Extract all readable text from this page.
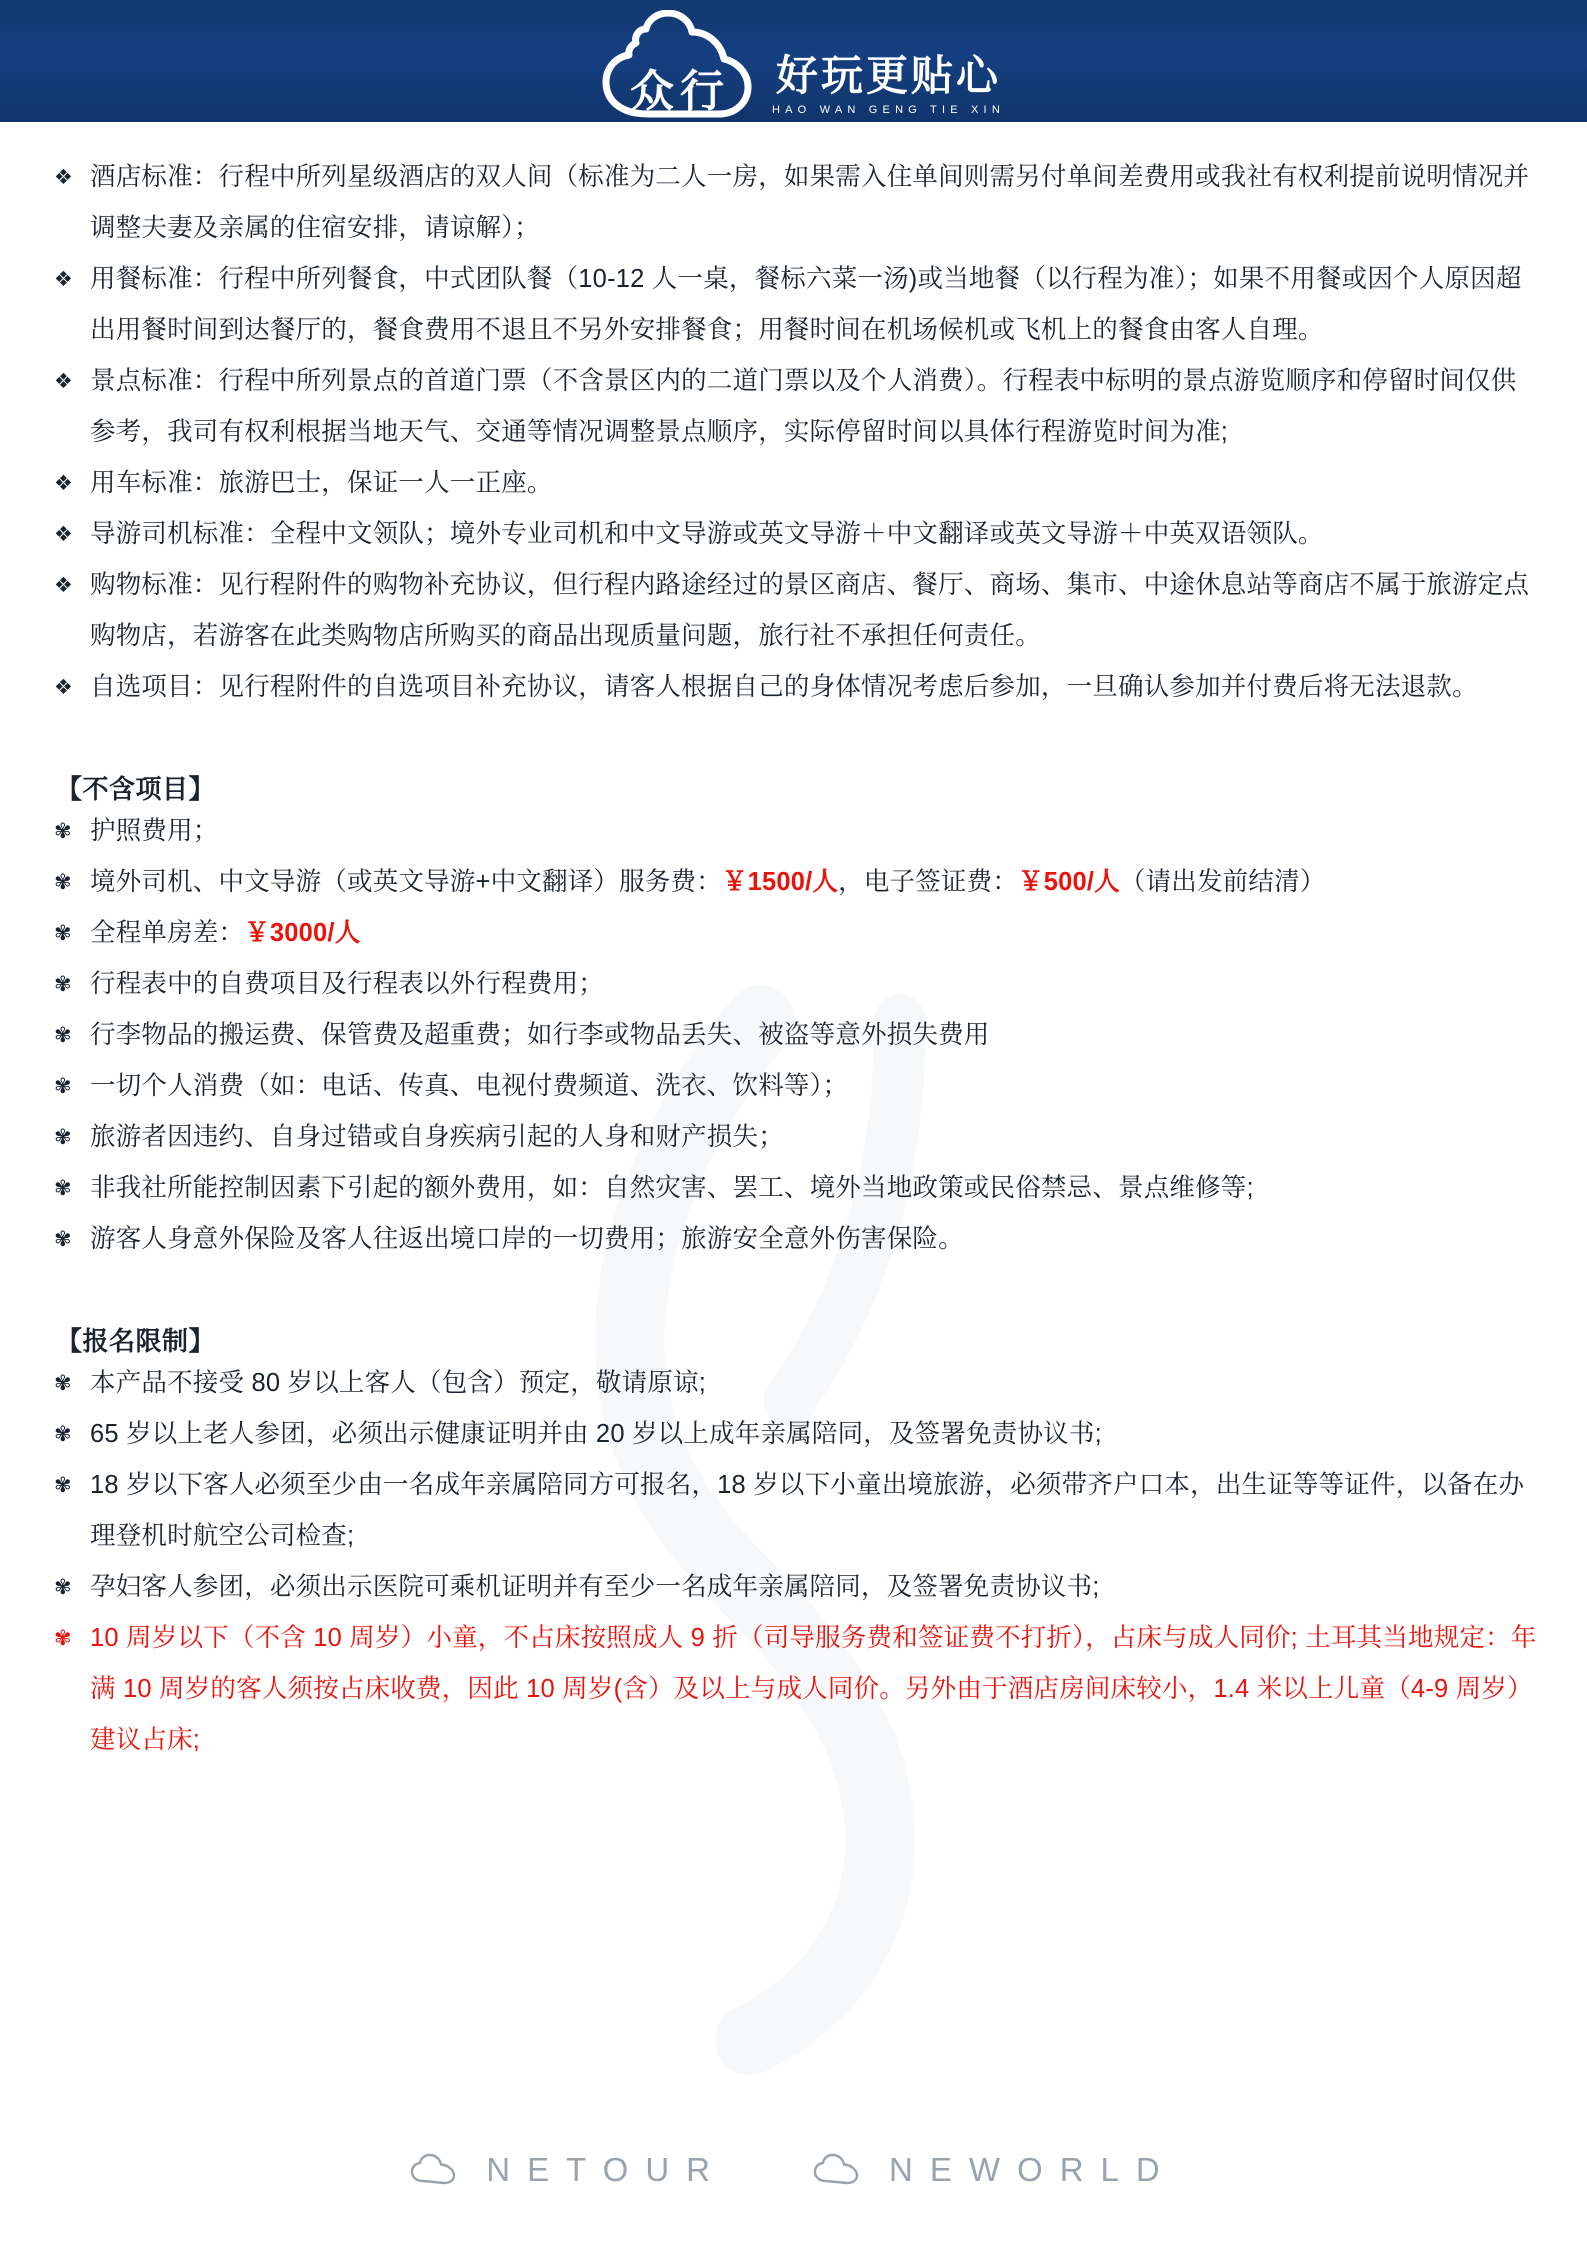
众 行 好玩更贴心
HAO WAN GENG TIE XIN
❖ 酒店标准：行程中所列星级酒店的双人间（标准为二人一房，如果需入住单间则需另付单间差费用或我社有权利提前说明情况并调整夫妻及亲属的住宿安排，请谅解）；
❖ 用餐标准：行程中所列餐食，中式团队餐（10-12 人一桌，餐标六菜一汤)或当地餐（以行程为准）；如果不用餐或因个人原因超出用餐时间到达餐厅的，餐食费用不退且不另外安排餐食；用餐时间在机场候机或飞机上的餐食由客人自理。
❖ 景点标准：行程中所列景点的首道门票（不含景区内的二道门票以及个人消费）。行程表中标明的景点游览顺序和停留时间仅供参考，我司有权利根据当地天气、交通等情况调整景点顺序，实际停留时间以具体行程游览时间为准;
❖ 用车标准：旅游巴士，保证一人一正座。
❖ 导游司机标准：全程中文领队；境外专业司机和中文导游或英文导游＋中文翻译或英文导游＋中英双语领队。
❖ 购物标准：见行程附件的购物补充协议，但行程内路途经过的景区商店、餐厅、商场、集市、中途休息站等商店不属于旅游定点购物店，若游客在此类购物店所购买的商品出现质量问题，旅行社不承担任何责任。
❖ 自选项目：见行程附件的自选项目补充协议，请客人根据自己的身体情况考虑后参加，一旦确认参加并付费后将无法退款。
【不含项目】
✾ 护照费用；
✾ 境外司机、中文导游（或英文导游+中文翻译）服务费：￥1500/人，电子签证费：￥500/人（请出发前结清）
✾ 全程单房差：￥3000/人
✾ 行程表中的自费项目及行程表以外行程费用；
✾ 行李物品的搬运费、保管费及超重费；如行李或物品丢失、被盗等意外损失费用
✾ 一切个人消费（如：电话、传真、电视付费频道、洗衣、饮料等）；
✾ 旅游者因违约、自身过错或自身疾病引起的人身和财产损失；
✾ 非我社所能控制因素下引起的额外费用，如：自然灾害、罢工、境外当地政策或民俗禁忌、景点维修等;
✾ 游客人身意外保险及客人往返出境口岸的一切费用；旅游安全意外伤害保险。
【报名限制】
✾ 本产品不接受 80 岁以上客人（包含）预定，敬请原谅;
✾ 65 岁以上老人参团，必须出示健康证明并由 20 岁以上成年亲属陪同，及签署免责协议书;
✾ 18 岁以下客人必须至少由一名成年亲属陪同方可报名，18 岁以下小童出境旅游，必须带齐户口本，出生证等等证件，以备在办理登机时航空公司检查;
✾ 孕妇客人参团，必须出示医院可乘机证明并有至少一名成年亲属陪同，及签署免责协议书;
✾ 10 周岁以下（不含 10 周岁）小童，不占床按照成人 9 折（司导服务费和签证费不打折），占床与成人同价; 土耳其当地规定：年满 10 周岁的客人须按占床收费，因此 10 周岁(含）及以上与成人同价。另外由于酒店房间床较小，1.4 米以上儿童（4-9 周岁）建议占床;
NETOUR	NEWORLD
